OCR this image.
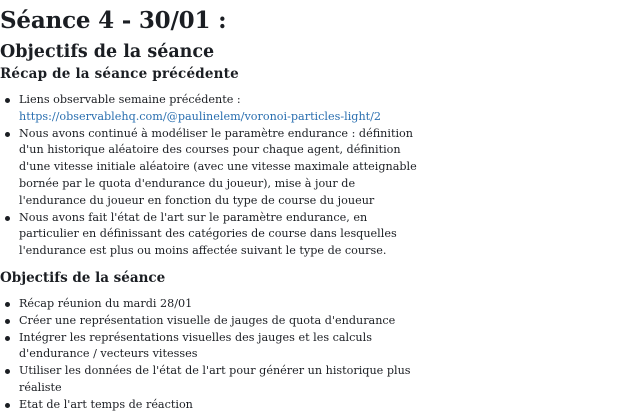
Séance 4 - 30/01 :
Objectifs de la séance
Récap de la séance précédente
Liens observable semaine précédente :
https://observablehq.com/@paulinelem/voronoi-particles-light/2
Nous avons continué à modéliser le paramètre endurance : définition d'un historique aléatoire des courses pour chaque agent, définition d'une vitesse initiale aléatoire (avec une vitesse maximale atteignable bornée par le quota d'endurance du joueur), mise à jour de l'endurance du joueur en fonction du type de course du joueur
Nous avons fait l'état de l'art sur le paramètre endurance, en particulier en définissant des catégories de course dans lesquelles l'endurance est plus ou moins affectée suivant le type de course.
Objectifs de la séance
Récap réunion du mardi 28/01
Créer une représentation visuelle de jauges de quota d'endurance
Intégrer les représentations visuelles des jauges et les calculs d'endurance / vecteurs vitesses
Utiliser les données de l'état de l'art pour générer un historique plus réaliste
Etat de l'art temps de réaction
